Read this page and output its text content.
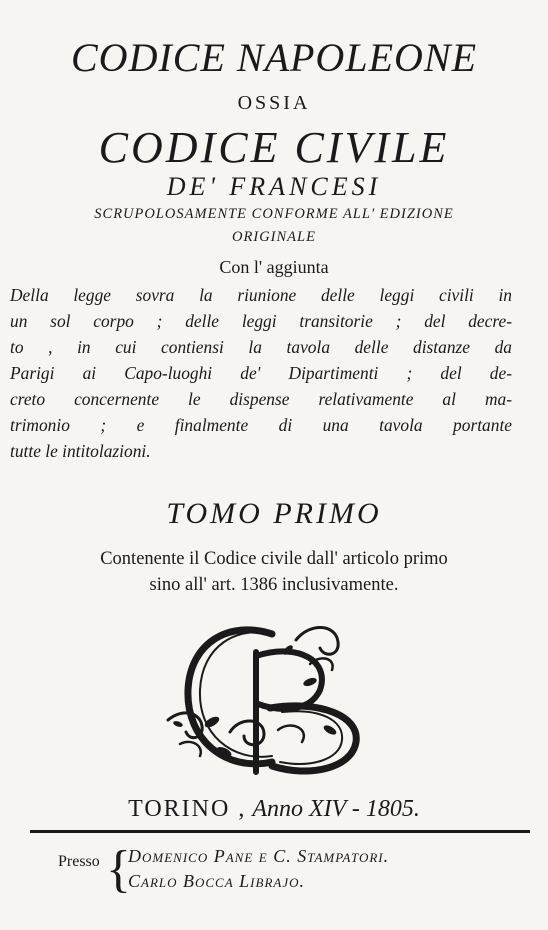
CODICE NAPOLEONE
OSSIA
CODICE CIVILE
DE' FRANCESI
SCRUPOLOSAMENTE CONFORME ALL' EDIZIONE
ORIGINALE
Con l' aggiunta
Della legge sovra la riunione delle leggi civili in
un sol corpo ; delle leggi transitorie ; del decre-
to , in cui contiensi la tavola delle distanze da
Parigi ai Capo-luoghi de' Dipartimenti ; del de-
creto concernente le dispense relativamente al ma-
trimonio ; e finalmente di una tavola portante
tutte le intitolazioni.
TOMO PRIMO
Contenente il Codice civile dall' articolo primo
sino all' art. 1386 inclusivamente.
TORINO , Anno XIV - 1805.
Presso {
Domenico Pane e C. Stampatori.
Carlo Bocca Librajo.
